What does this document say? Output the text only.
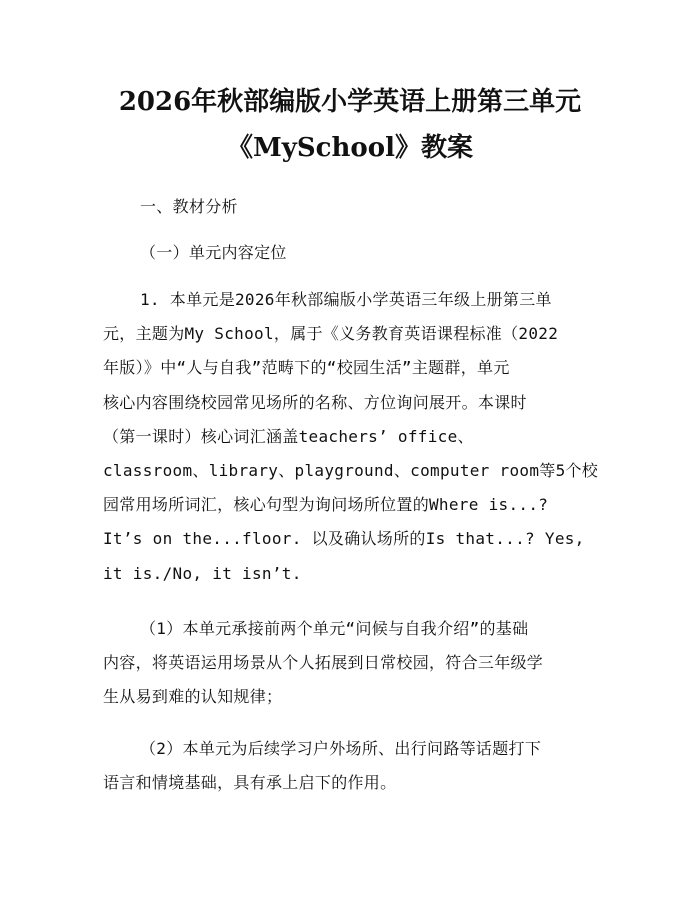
2026年秋部编版小学英语上册第三单元
《MySchool》教案

一、教材分析

（一）单元内容定位

1. 本单元是2026年秋部编版小学英语三年级上册第三单
元，主题为My School，属于《义务教育英语课程标准（2022
年版）》中“人与自我”范畴下的“校园生活”主题群，单元
核心内容围绕校园常见场所的名称、方位询问展开。本课时
（第一课时）核心词汇涵盖teachers’ office、
classroom、library、playground、computer room等5个校
园常用场所词汇，核心句型为询问场所位置的Where is...?
It’s on the...floor. 以及确认场所的Is that...? Yes,
it is./No, it isn’t.
（1）本单元承接前两个单元“问候与自我介绍”的基础
内容，将英语运用场景从个人拓展到日常校园，符合三年级学
生从易到难的认知规律；
（2）本单元为后续学习户外场所、出行问路等话题打下
语言和情境基础，具有承上启下的作用。
